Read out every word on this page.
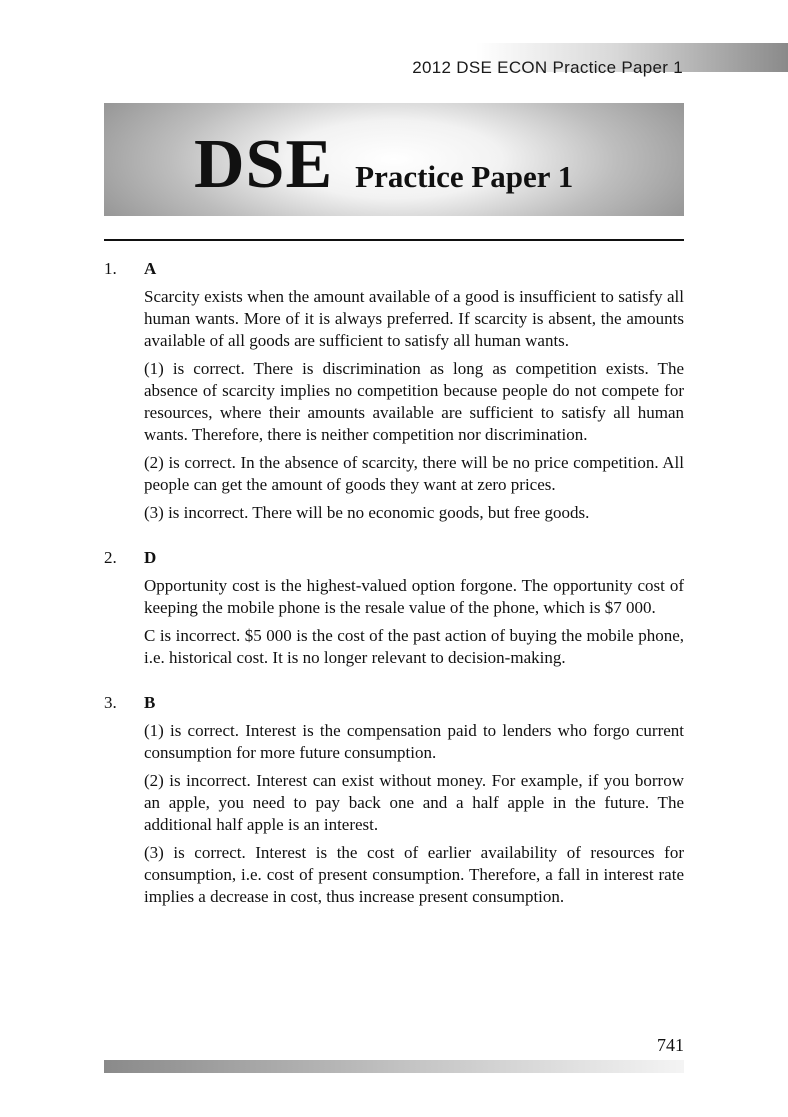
2012 DSE ECON Practice Paper 1
DSE Practice Paper 1
1. A

Scarcity exists when the amount available of a good is insufficient to satisfy all human wants. More of it is always preferred. If scarcity is absent, the amounts available of all goods are sufficient to satisfy all human wants.

(1) is correct. There is discrimination as long as competition exists. The absence of scarcity implies no competition because people do not compete for resources, where their amounts available are sufficient to satisfy all human wants. Therefore, there is neither competition nor discrimination.

(2) is correct. In the absence of scarcity, there will be no price competition. All people can get the amount of goods they want at zero prices.

(3) is incorrect. There will be no economic goods, but free goods.

2. D

Opportunity cost is the highest-valued option forgone. The opportunity cost of keeping the mobile phone is the resale value of the phone, which is $7 000.

C is incorrect. $5 000 is the cost of the past action of buying the mobile phone, i.e. historical cost. It is no longer relevant to decision-making.

3. B

(1) is correct. Interest is the compensation paid to lenders who forgo current consumption for more future consumption.

(2) is incorrect. Interest can exist without money. For example, if you borrow an apple, you need to pay back one and a half apple in the future. The additional half apple is an interest.

(3) is correct. Interest is the cost of earlier availability of resources for consumption, i.e. cost of present consumption. Therefore, a fall in interest rate implies a decrease in cost, thus increase present consumption.

741
